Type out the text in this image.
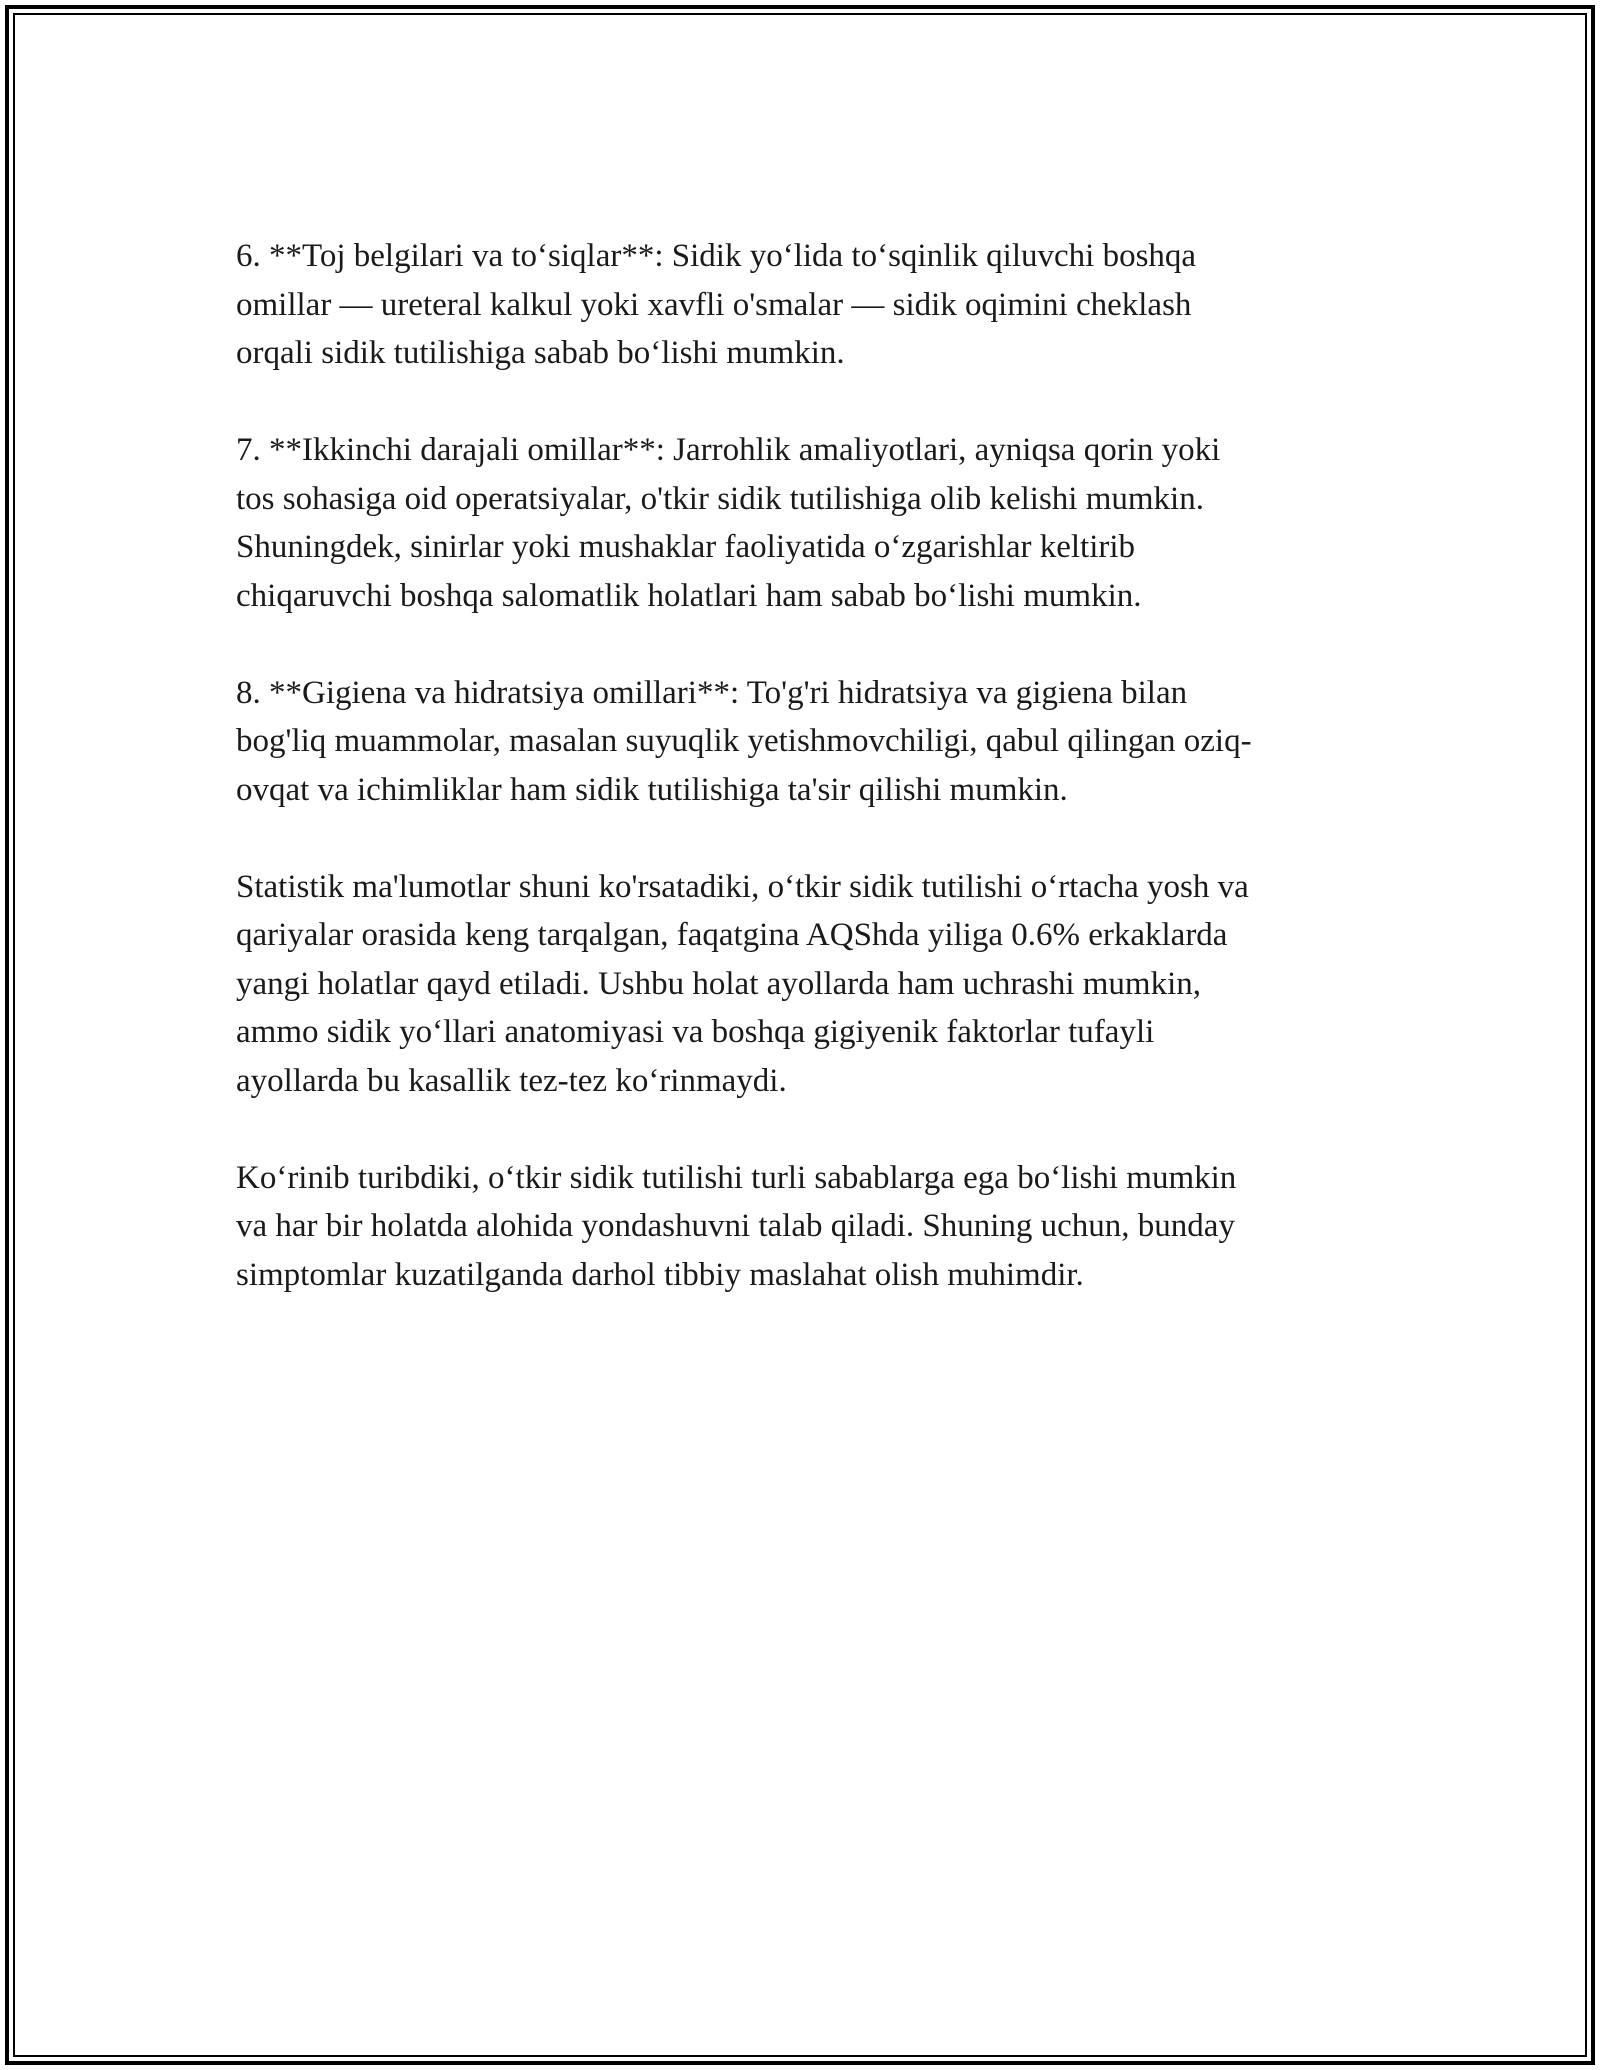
6. **Toj belgilari va to‘siqlar**: Sidik yo‘lida to‘sqinlik qiluvchi boshqa
omillar — ureteral kalkul yoki xavfli o'smalar — sidik oqimini cheklash
orqali sidik tutilishiga sabab bo‘lishi mumkin.

7. **Ikkinchi darajali omillar**: Jarrohlik amaliyotlari, ayniqsa qorin yoki
tos sohasiga oid operatsiyalar, o'tkir sidik tutilishiga olib kelishi mumkin.
Shuningdek, sinirlar yoki mushaklar faoliyatida o‘zgarishlar keltirib
chiqaruvchi boshqa salomatlik holatlari ham sabab bo‘lishi mumkin.

8. **Gigiena va hidratsiya omillari**: To'g'ri hidratsiya va gigiena bilan
bog'liq muammolar, masalan suyuqlik yetishmovchiligi, qabul qilingan oziq-
ovqat va ichimliklar ham sidik tutilishiga ta'sir qilishi mumkin.

Statistik ma'lumotlar shuni ko'rsatadiki, o‘tkir sidik tutilishi o‘rtacha yosh va
qariyalar orasida keng tarqalgan, faqatgina AQShda yiliga 0.6% erkaklarda
yangi holatlar qayd etiladi. Ushbu holat ayollarda ham uchrashi mumkin,
ammo sidik yo‘llari anatomiyasi va boshqa gigiyenik faktorlar tufayli
ayollarda bu kasallik tez-tez ko‘rinmaydi.

Ko‘rinib turibdiki, o‘tkir sidik tutilishi turli sabablarga ega bo‘lishi mumkin
va har bir holatda alohida yondashuvni talab qiladi. Shuning uchun, bunday
simptomlar kuzatilganda darhol tibbiy maslahat olish muhimdir.
